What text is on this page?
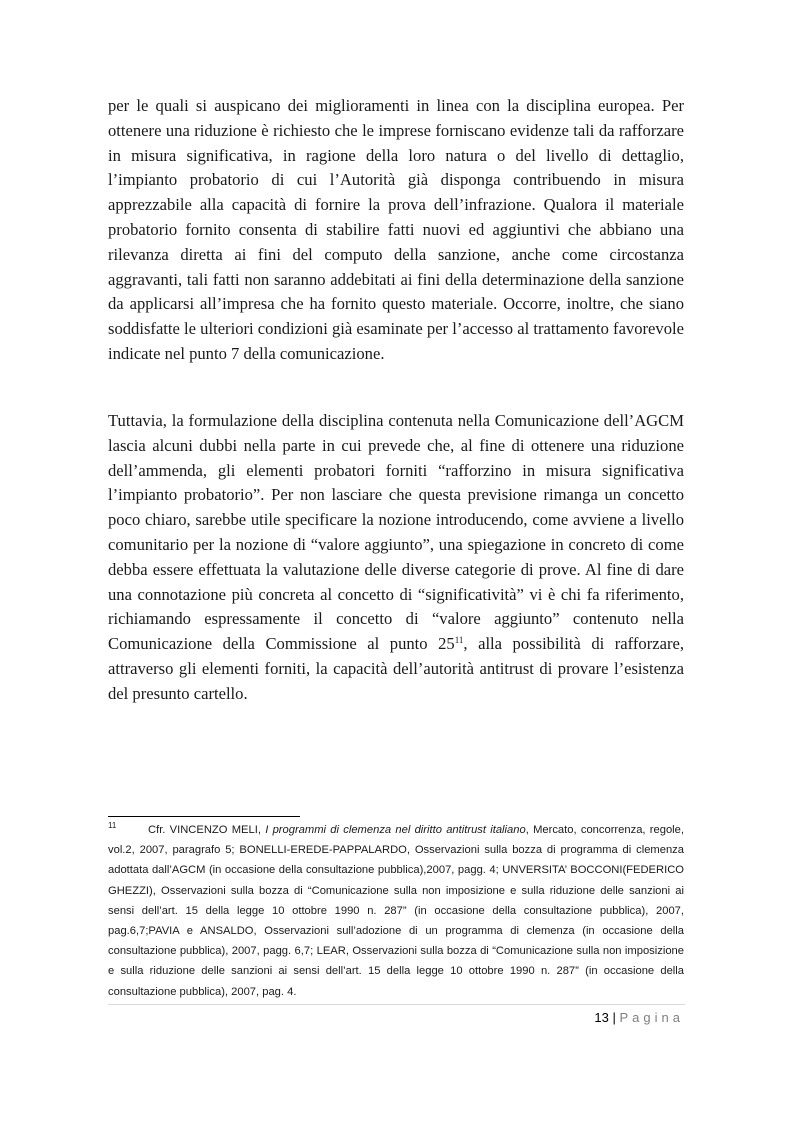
per le quali si auspicano dei miglioramenti in linea con la disciplina europea. Per ottenere una riduzione è richiesto che le imprese forniscano evidenze tali da rafforzare in misura significativa, in ragione della loro natura o del livello di dettaglio, l’impianto probatorio di cui l’Autorità già disponga contribuendo in misura apprezzabile alla capacità di fornire la prova dell’infrazione. Qualora il materiale probatorio fornito consenta di stabilire fatti nuovi ed aggiuntivi che abbiano una rilevanza diretta ai fini del computo della sanzione, anche come circostanza aggravanti, tali fatti non saranno addebitati ai fini della determinazione della sanzione da applicarsi all’impresa che ha fornito questo materiale. Occorre, inoltre, che siano soddisfatte le ulteriori condizioni già esaminate per l’accesso al trattamento favorevole indicate nel punto 7 della comunicazione.

Tuttavia, la formulazione della disciplina contenuta nella Comunicazione dell’AGCM lascia alcuni dubbi nella parte in cui prevede che, al fine di ottenere una riduzione dell’ammenda, gli elementi probatori forniti “rafforzino in misura significativa l’impianto probatorio”. Per non lasciare che questa previsione rimanga un concetto poco chiaro, sarebbe utile specificare la nozione introducendo, come avviene a livello comunitario per la nozione di “valore aggiunto”, una spiegazione in concreto di come debba essere effettuata la valutazione delle diverse categorie di prove. Al fine di dare una connotazione più concreta al concetto di “significatività” vi è chi fa riferimento, richiamando espressamente il concetto di “valore aggiunto” contenuto nella Comunicazione della Commissione al punto 25$^{11}$, alla possibilità di rafforzare, attraverso gli elementi forniti, la capacità dell’autorità antitrust di provare l’esistenza del presunto cartello.

11	Cfr. VINCENZO MELI, I programmi di clemenza nel diritto antitrust italiano, Mercato, concorrenza, regole, vol.2, 2007, paragrafo 5; BONELLI-EREDE-PAPPALARDO, Osservazioni sulla bozza di programma di clemenza adottata dall’AGCM (in occasione della consultazione pubblica),2007, pagg. 4; UNVERSITA’ BOCCONI(FEDERICO GHEZZI), Osservazioni sulla bozza di “Comunicazione sulla non imposizione e sulla riduzione delle sanzioni ai sensi dell’art. 15 della legge 10 ottobre 1990 n. 287” (in occasione della consultazione pubblica), 2007, pag.6,7;PAVIA e ANSALDO, Osservazioni sull’adozione di un programma di clemenza (in occasione della consultazione pubblica), 2007, pagg. 6,7; LEAR, Osservazioni sulla bozza di “Comunicazione sulla non imposizione e sulla riduzione delle sanzioni ai sensi dell’art. 15 della legge 10 ottobre 1990 n. 287” (in occasione della consultazione pubblica), 2007, pag. 4.

13 | Pagina
